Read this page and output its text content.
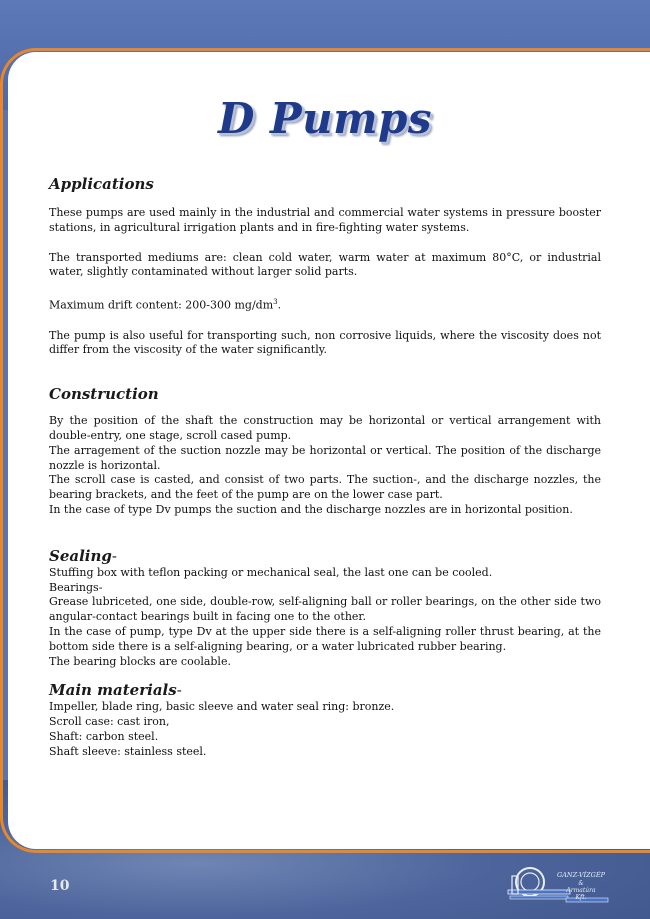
D Pumps
Applications

These pumps are used mainly in the industrial and commercial water systems in pressure booster stations, in agricultural irrigation plants and in fire-fighting water systems.

The transported mediums are: clean cold water, warm water at maximum 80°C, or industrial water, slightly contaminated without larger solid parts.

Maximum drift content: 200-300 $mg/dm^3$.

The pump is also useful for transporting such, non corrosive liquids, where the viscosity does not differ from the viscosity of the water significantly.

Construction

By the position of the shaft the construction may be horizontal or vertical arrangement with double-entry, one stage, scroll cased pump.

The arragement of the suction nozzle may be horizontal or vertical. The position of the discharge nozzle is horizontal.

The scroll case is casted, and consist of two parts. The suction-, and the discharge nozzles, the bearing brackets, and the feet of the pump are on the lower case part.

In the case of type Dv pumps the suction and the discharge nozzles are in horizontal position.

Sealing-

Stuffing box with teflon packing or mechanical seal, the last one can be cooled.

Bearings-

Grease lubriceted, one side, double-row, self-aligning ball or roller bearings, on the other side two angular-contact bearings built in facing one to the other.

In the case of pump, type Dv at the upper side there is a self-aligning roller thrust bearing, at the bottom side there is a self-aligning bearing, or a water lubricated rubber bearing.

The bearing blocks are coolable.

Main materials-

Impeller, blade ring, basic sleeve and water seal ring: bronze.

Scroll case: cast iron,

Shaft: carbon steel.

Shaft sleeve: stainless steel.

10
GANZ-VÍZGÉP
&
Armatúra
Kft.
